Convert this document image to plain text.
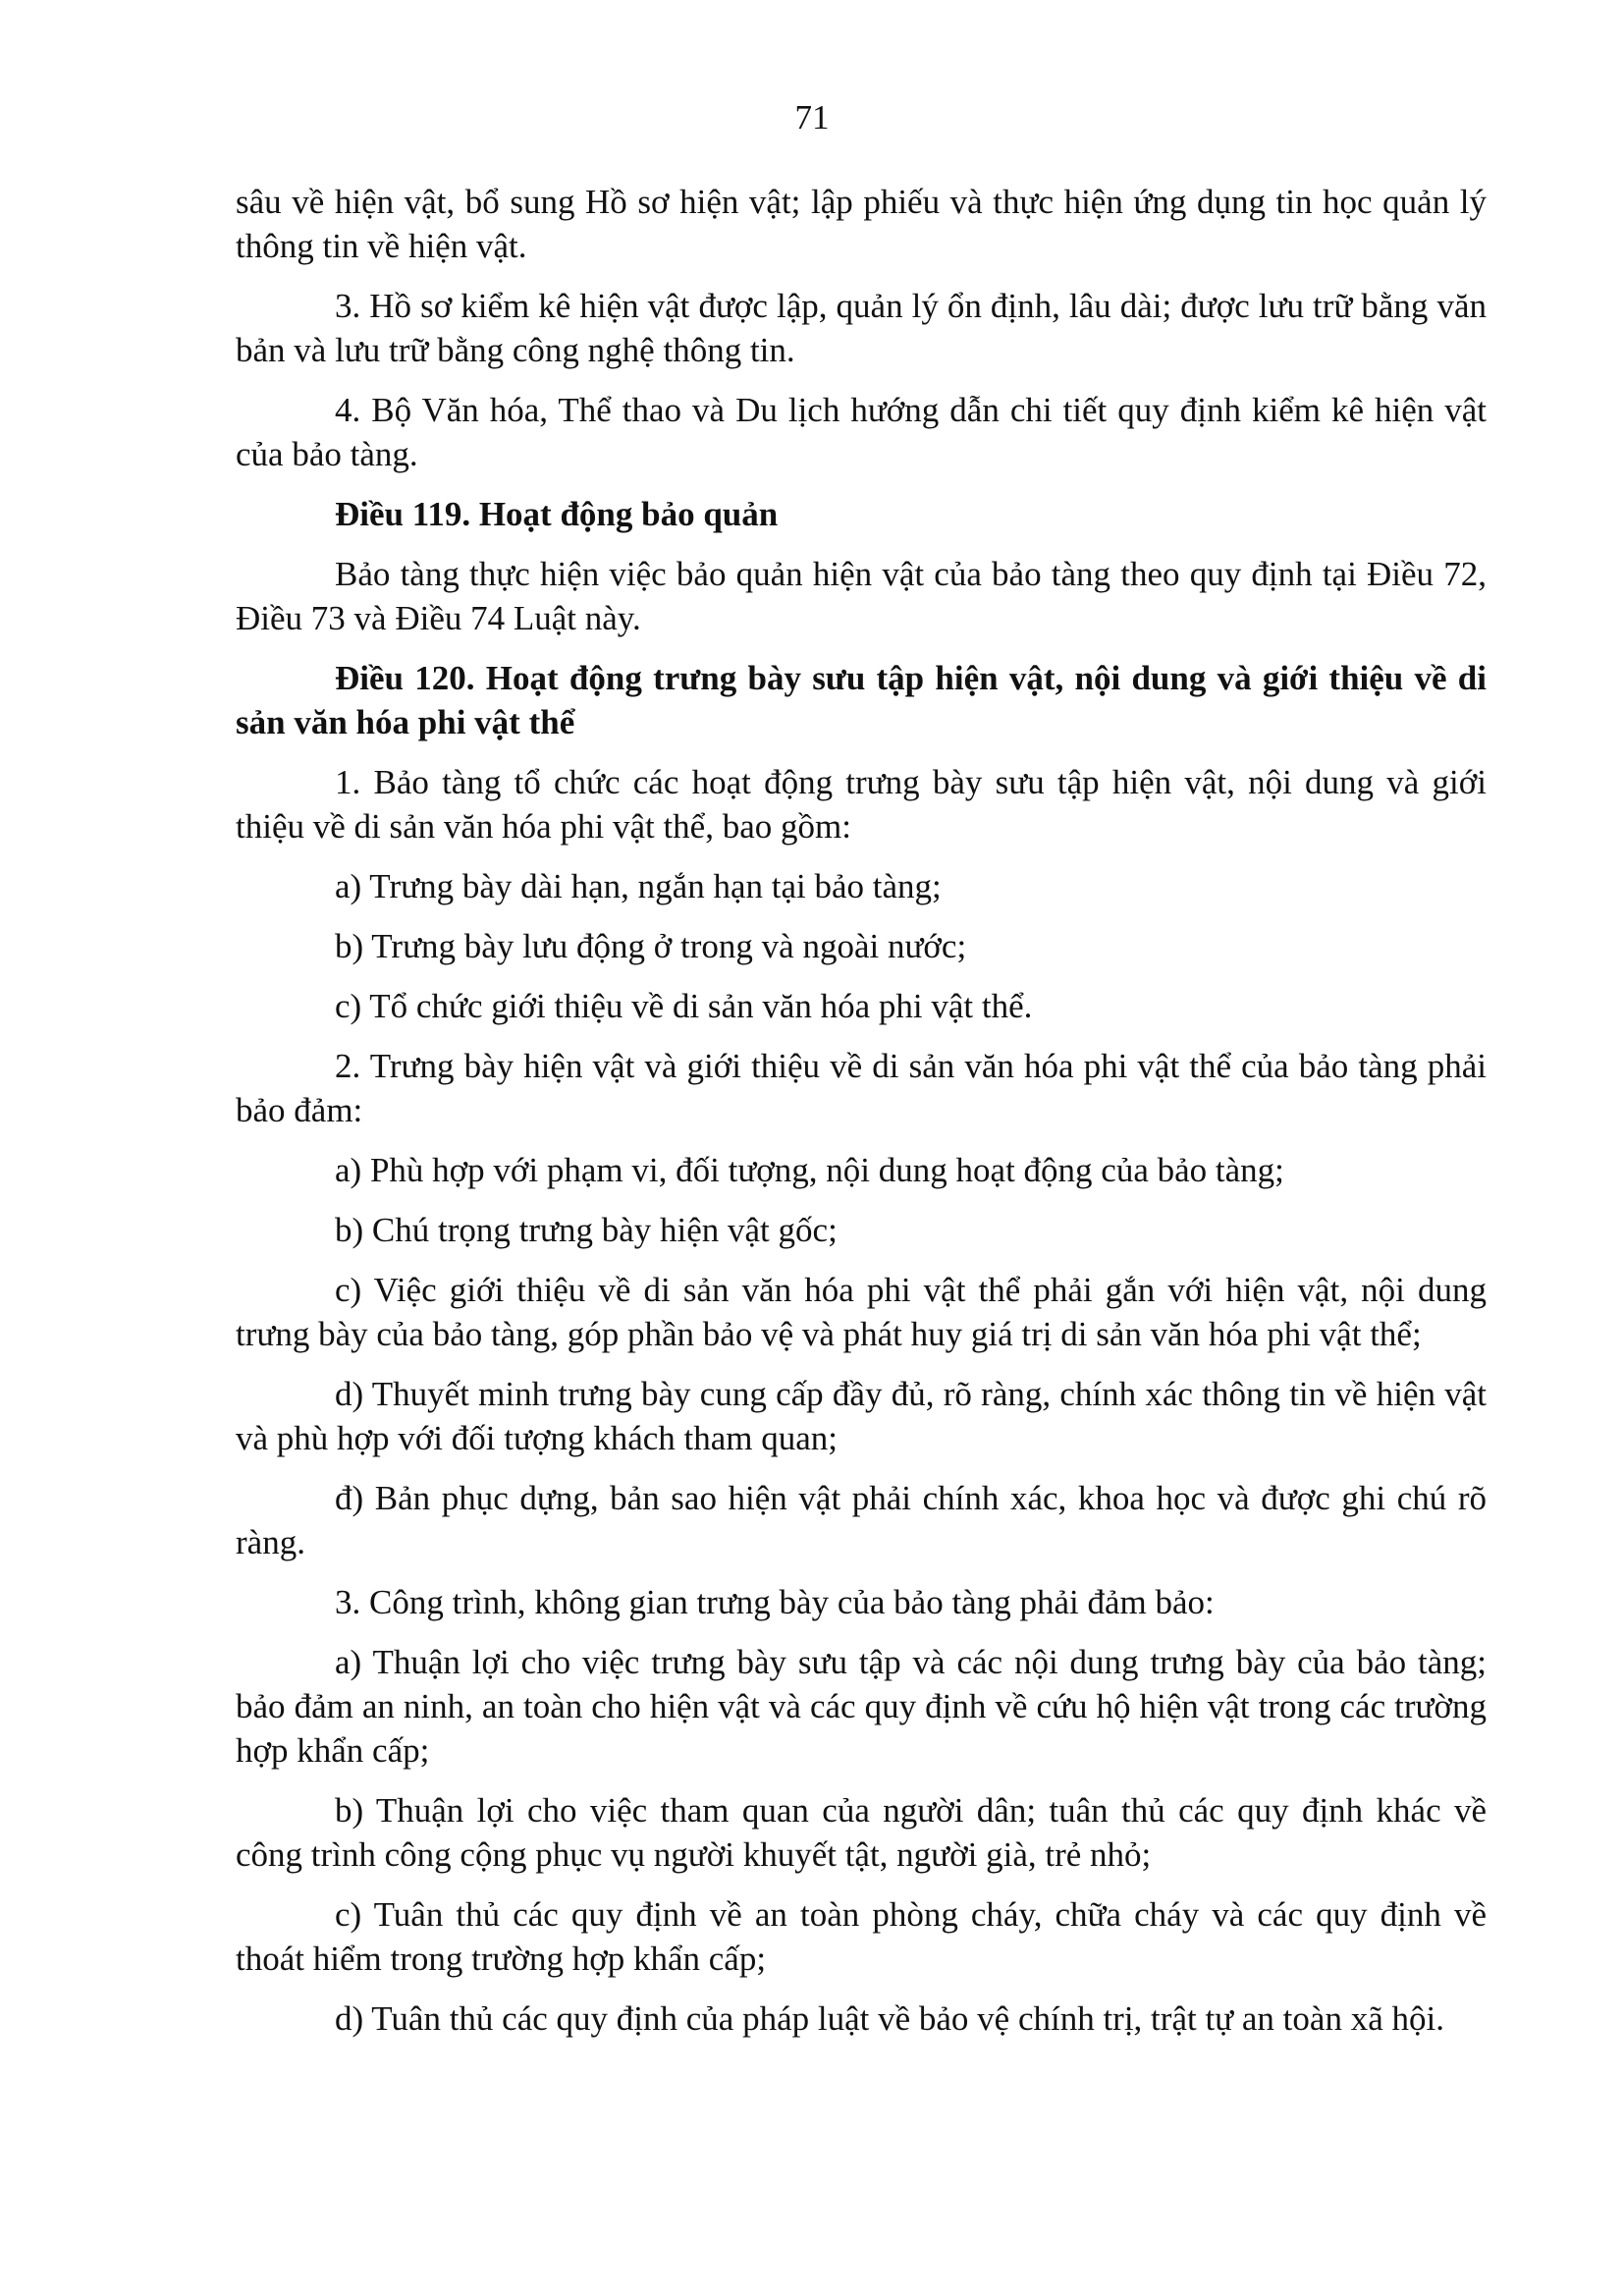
71

sâu về hiện vật, bổ sung Hồ sơ hiện vật; lập phiếu và thực hiện ứng dụng tin học quản lý thông tin về hiện vật.

3. Hồ sơ kiểm kê hiện vật được lập, quản lý ổn định, lâu dài; được lưu trữ bằng văn bản và lưu trữ bằng công nghệ thông tin.

4. Bộ Văn hóa, Thể thao và Du lịch hướng dẫn chi tiết quy định kiểm kê hiện vật của bảo tàng.

Điều 119. Hoạt động bảo quản

Bảo tàng thực hiện việc bảo quản hiện vật của bảo tàng theo quy định tại Điều 72, Điều 73 và Điều 74 Luật này.

Điều 120. Hoạt động trưng bày sưu tập hiện vật, nội dung và giới thiệu về di sản văn hóa phi vật thể

1. Bảo tàng tổ chức các hoạt động trưng bày sưu tập hiện vật, nội dung và giới thiệu về di sản văn hóa phi vật thể, bao gồm:

a) Trưng bày dài hạn, ngắn hạn tại bảo tàng;

b) Trưng bày lưu động ở trong và ngoài nước;

c) Tổ chức giới thiệu về di sản văn hóa phi vật thể.

2. Trưng bày hiện vật và giới thiệu về di sản văn hóa phi vật thể của bảo tàng phải bảo đảm:

a) Phù hợp với phạm vi, đối tượng, nội dung hoạt động của bảo tàng;

b) Chú trọng trưng bày hiện vật gốc;

c) Việc giới thiệu về di sản văn hóa phi vật thể phải gắn với hiện vật, nội dung trưng bày của bảo tàng, góp phần bảo vệ và phát huy giá trị di sản văn hóa phi vật thể;

d) Thuyết minh trưng bày cung cấp đầy đủ, rõ ràng, chính xác thông tin về hiện vật và phù hợp với đối tượng khách tham quan;

đ) Bản phục dựng, bản sao hiện vật phải chính xác, khoa học và được ghi chú rõ ràng.

3. Công trình, không gian trưng bày của bảo tàng phải đảm bảo:

a) Thuận lợi cho việc trưng bày sưu tập và các nội dung trưng bày của bảo tàng; bảo đảm an ninh, an toàn cho hiện vật và các quy định về cứu hộ hiện vật trong các trường hợp khẩn cấp;

b) Thuận lợi cho việc tham quan của người dân; tuân thủ các quy định khác về công trình công cộng phục vụ người khuyết tật, người già, trẻ nhỏ;

c) Tuân thủ các quy định về an toàn phòng cháy, chữa cháy và các quy định về thoát hiểm trong trường hợp khẩn cấp;

d) Tuân thủ các quy định của pháp luật về bảo vệ chính trị, trật tự an toàn xã hội.
